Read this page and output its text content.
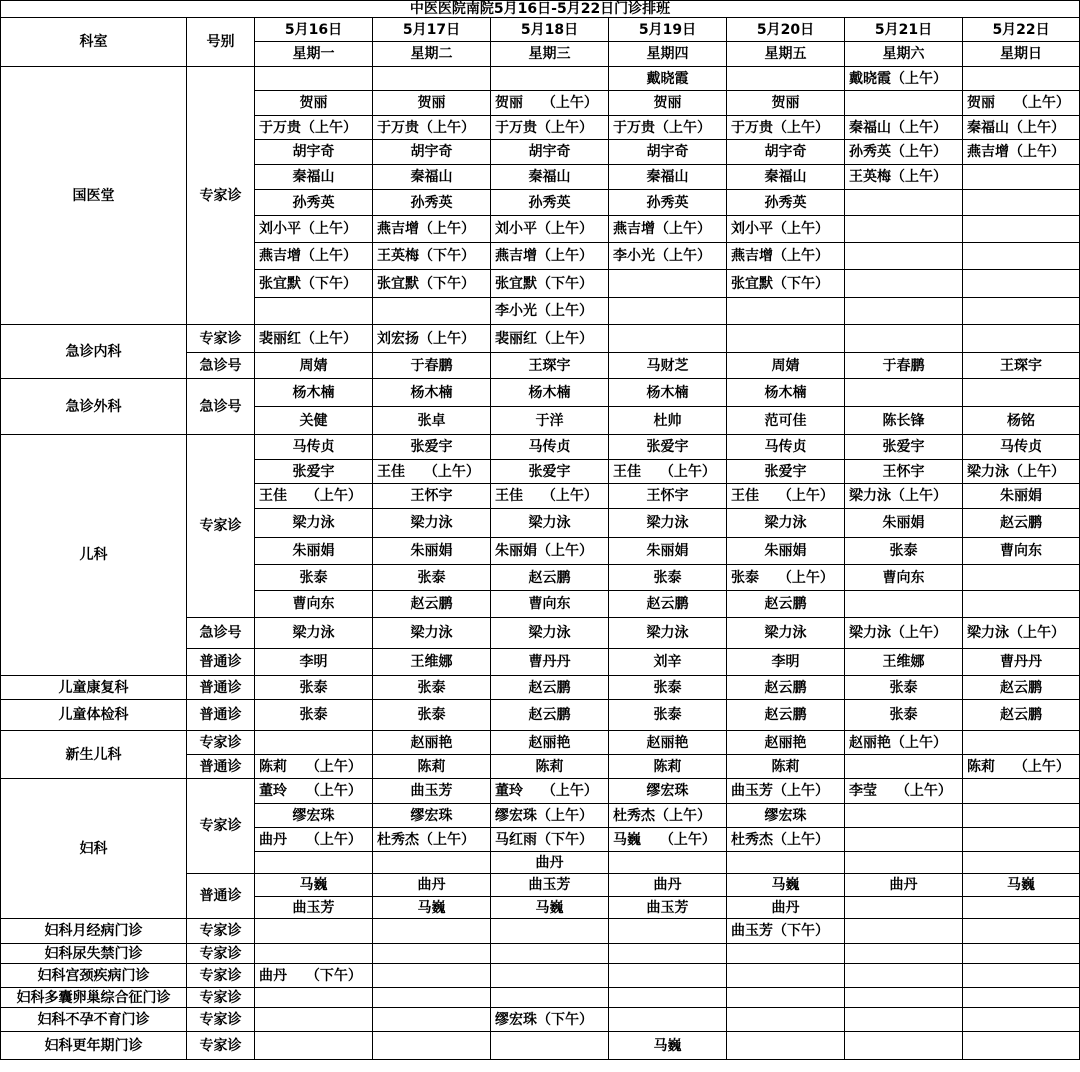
中医医院南院5月16日-5月22日门诊排班								
科室	号别	5月16日	5月17日	5月18日	5月19日	5月20日	5月21日	5月22日
		星期一	星期二	星期三	星期四	星期五	星期六	星期日
国医堂	专家诊				戴晓霞		戴晓霞（上午）	
		贺丽	贺丽	贺丽　 （上午）	贺丽	贺丽		贺丽　 （上午）
		于万贵（上午）	于万贵（上午）	于万贵（上午）	于万贵（上午）	于万贵（上午）	秦福山（上午）	秦福山（上午）
		胡宇奇	胡宇奇	胡宇奇	胡宇奇	胡宇奇	孙秀英（上午）	燕吉增（上午）
		秦福山	秦福山	秦福山	秦福山	秦福山	王英梅（上午）	
		孙秀英	孙秀英	孙秀英	孙秀英	孙秀英		
		刘小平（上午）	燕吉增（上午）	刘小平（上午）	燕吉增（上午）	刘小平（上午）		
		燕吉增（上午）	王英梅（下午）	燕吉增（上午）	李小光（上午）	燕吉增（上午）		
		张宜默（下午）	张宜默（下午）	张宜默（下午）		张宜默（下午）		
				李小光（上午）				
急诊内科	专家诊	裴丽红（上午）	刘宏扬（上午）	裴丽红（上午）				
	急诊号	周婧	于春鹏	王琛宇	马财芝	周婧	于春鹏	王琛宇
急诊外科	急诊号	杨木楠	杨木楠	杨木楠	杨木楠	杨木楠		
		关健	张卓	于洋	杜帅	范可佳	陈长锋	杨铭
儿科	专家诊	马传贞	张爱宇	马传贞	张爱宇	马传贞	张爱宇	马传贞
		张爱宇	王佳　 （上午）	张爱宇	王佳　 （上午）	张爱宇	王怀宇	梁力泳（上午）
		王佳　 （上午）	王怀宇	王佳　 （上午）	王怀宇	王佳　 （上午）	梁力泳（上午）	朱丽娟
		梁力泳	梁力泳	梁力泳	梁力泳	梁力泳	朱丽娟	赵云鹏
		朱丽娟	朱丽娟	朱丽娟（上午）	朱丽娟	朱丽娟	张泰	曹向东
		张泰	张泰	赵云鹏	张泰	张泰　 （上午）	曹向东	
		曹向东	赵云鹏	曹向东	赵云鹏	赵云鹏		
	急诊号	梁力泳	梁力泳	梁力泳	梁力泳	梁力泳	梁力泳（上午）	梁力泳（上午）
	普通诊	李明	王维娜	曹丹丹	刘辛	李明	王维娜	曹丹丹
儿童康复科	普通诊	张泰	张泰	赵云鹏	张泰	赵云鹏	张泰	赵云鹏
儿童体检科	普通诊	张泰	张泰	赵云鹏	张泰	赵云鹏	张泰	赵云鹏
新生儿科	专家诊		赵丽艳	赵丽艳	赵丽艳	赵丽艳	赵丽艳（上午）	
	普通诊	陈莉　 （上午）	陈莉	陈莉	陈莉	陈莉		陈莉　 （上午）
妇科	专家诊	董玲　 （上午）	曲玉芳	董玲　 （上午）	缪宏珠	曲玉芳（上午）	李莹　 （上午）	
		缪宏珠	缪宏珠	缪宏珠（上午）	杜秀杰（上午）	缪宏珠		
		曲丹　 （上午）	杜秀杰（上午）	马红雨（下午）	马巍　 （上午）	杜秀杰（上午）		
				曲丹				
	普通诊	马巍	曲丹	曲玉芳	曲丹	马巍	曲丹	马巍
		曲玉芳	马巍	马巍	曲玉芳	曲丹		
妇科月经病门诊	专家诊					曲玉芳（下午）		
妇科尿失禁门诊	专家诊							
妇科宫颈疾病门诊	专家诊	曲丹　 （下午）						
妇科多囊卵巢综合征门诊	专家诊							
妇科不孕不育门诊	专家诊			缪宏珠（下午）				
妇科更年期门诊	专家诊				马巍			
